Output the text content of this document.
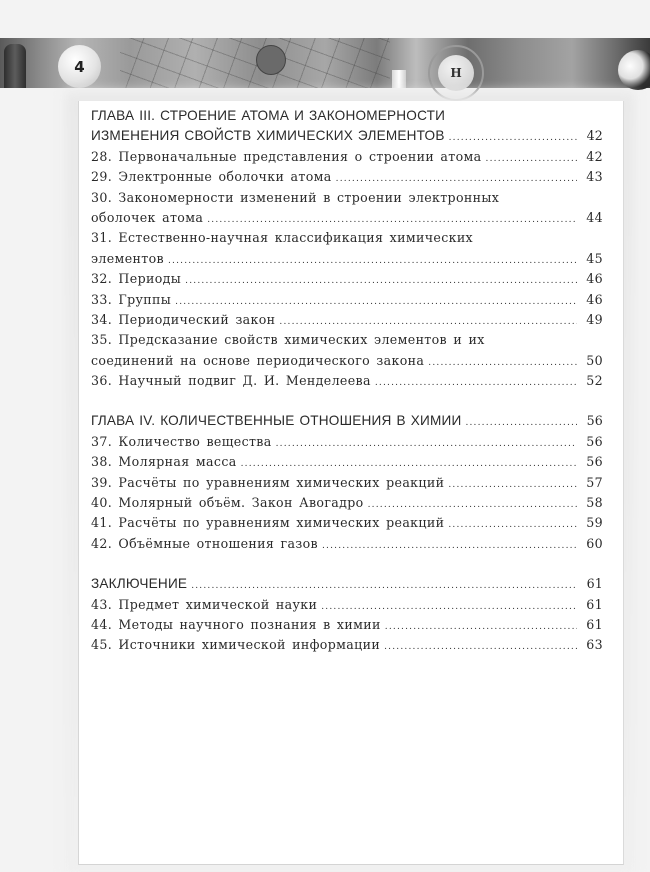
4	H
ГЛАВА III. СТРОЕНИЕ АТОМА И ЗАКОНОМЕРНОСТИ
ИЗМЕНЕНИЯ СВОЙСТВ ХИМИЧЕСКИХ ЭЛЕМЕНТОВ .....	42
28. Первоначальные представления о строении атома .....	42
29. Электронные оболочки атома .....	43
30. Закономерности изменений в строении электронных
оболочек атома .....	44
31. Естественно-научная классификация химических
элементов .....	45
32. Периоды .....	46
33. Группы .....	46
34. Периодический закон .....	49
35. Предсказание свойств химических элементов и их
соединений на основе периодического закона .....	50
36. Научный подвиг Д. И. Менделеева .....	52
ГЛАВА IV. КОЛИЧЕСТВЕННЫЕ ОТНОШЕНИЯ В ХИМИИ .....	56
37. Количество вещества .....	56
38. Молярная масса .....	56
39. Расчёты по уравнениям химических реакций .....	57
40. Молярный объём. Закон Авогадро .....	58
41. Расчёты по уравнениям химических реакций .....	59
42. Объёмные отношения газов .....	60
ЗАКЛЮЧЕНИЕ .....	61
43. Предмет химической науки .....	61
44. Методы научного познания в химии .....	61
45. Источники химической информации .....	63
